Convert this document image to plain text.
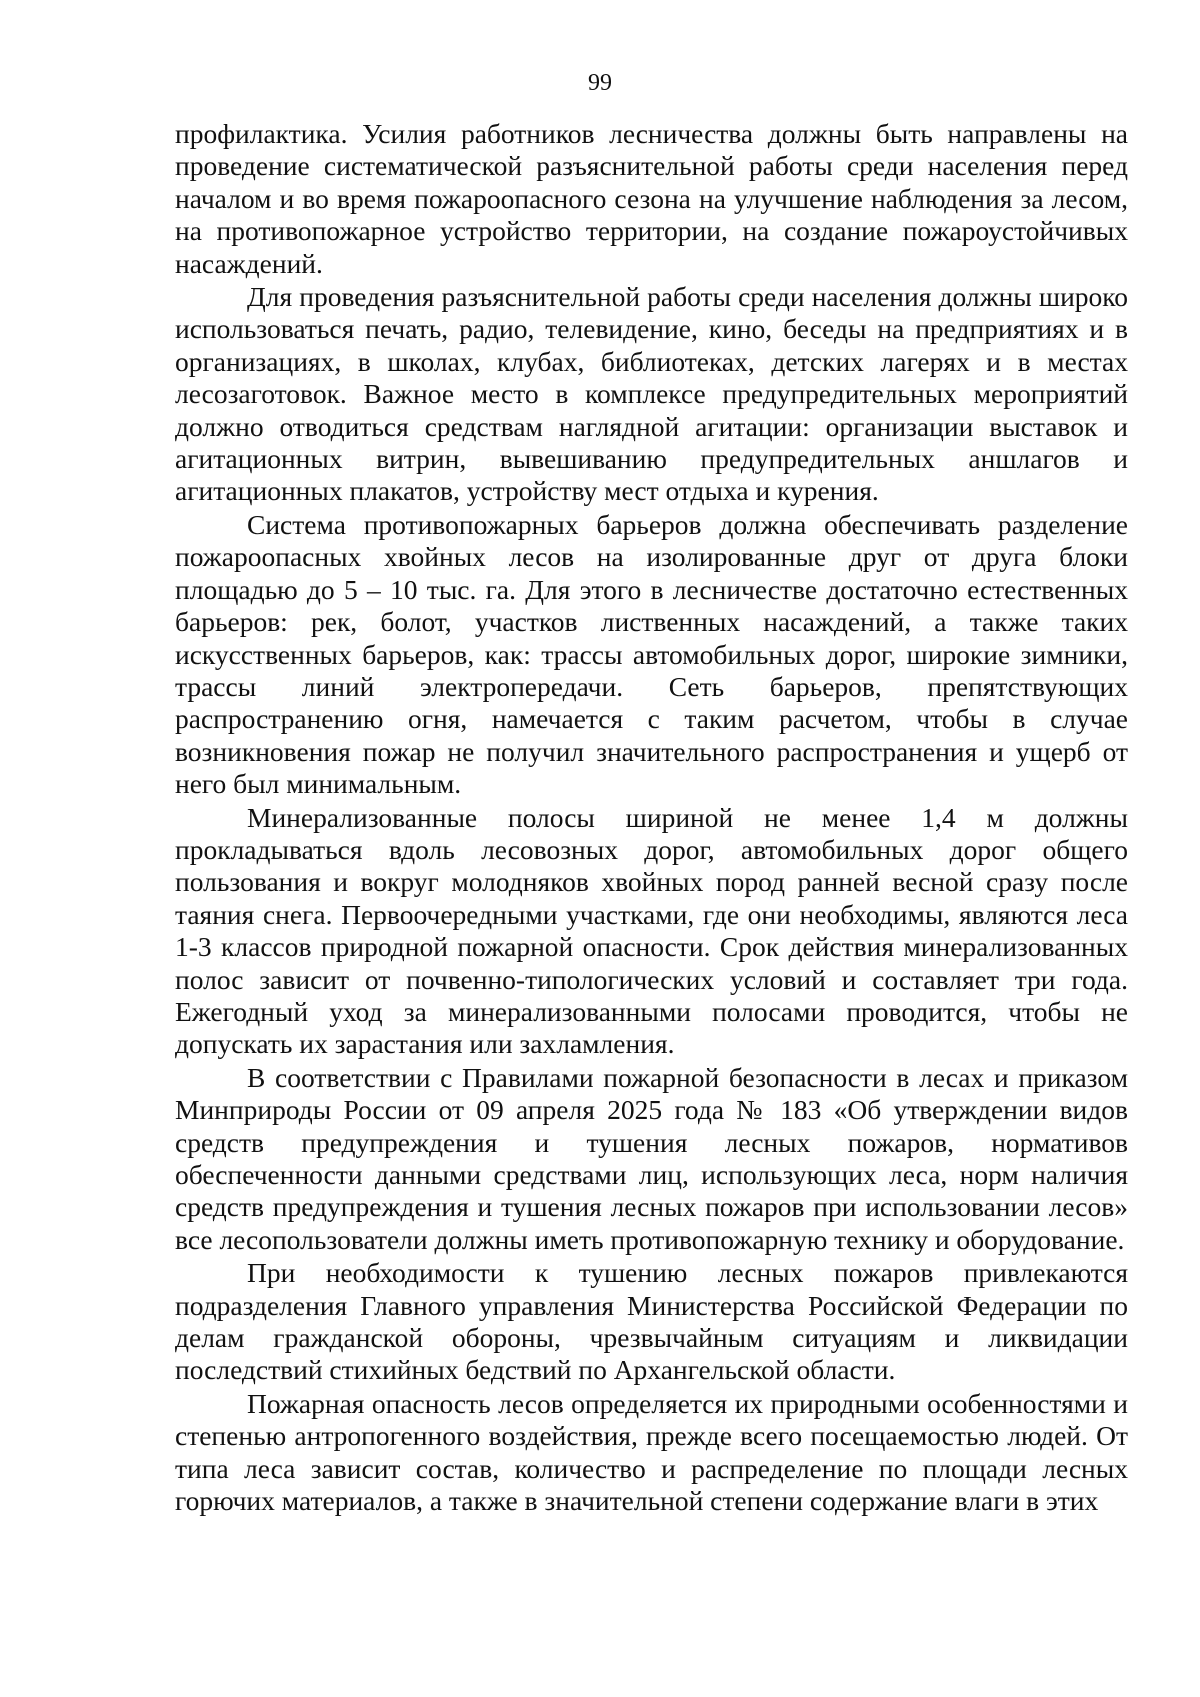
99

профилактика. Усилия работников лесничества должны быть направлены на проведение систематической разъяснительной работы среди населения перед началом и во время пожароопасного сезона на улучшение наблюдения за лесом, на противопожарное устройство территории, на создание пожароустойчивых насаждений.

Для проведения разъяснительной работы среди населения должны широко использоваться печать, радио, телевидение, кино, беседы на предприятиях и в организациях, в школах, клубах, библиотеках, детских лагерях и в местах лесозаготовок. Важное место в комплексе предупредительных мероприятий должно отводиться средствам наглядной агитации: организации выставок и агитационных витрин, вывешиванию предупредительных аншлагов и агитационных плакатов, устройству мест отдыха и курения.

Система противопожарных барьеров должна обеспечивать разделение пожароопасных хвойных лесов на изолированные друг от друга блоки площадью до 5 – 10 тыс. га. Для этого в лесничестве достаточно естественных барьеров: рек, болот, участков лиственных насаждений, а также таких искусственных барьеров, как: трассы автомобильных дорог, широкие зимники, трассы линий электропередачи. Сеть барьеров, препятствующих распространению огня, намечается с таким расчетом, чтобы в случае возникновения пожар не получил значительного распространения и ущерб от него был минимальным.

Минерализованные полосы шириной не менее 1,4 м должны прокладываться вдоль лесовозных дорог, автомобильных дорог общего пользования и вокруг молодняков хвойных пород ранней весной сразу после таяния снега. Первоочередными участками, где они необходимы, являются леса 1-3 классов природной пожарной опасности. Срок действия минерализованных полос зависит от почвенно-типологических условий и составляет три года. Ежегодный уход за минерализованными полосами проводится, чтобы не допускать их зарастания или захламления.

В соответствии с Правилами пожарной безопасности в лесах и приказом Минприроды России от 09 апреля 2025 года № 183 «Об утверждении видов средств предупреждения и тушения лесных пожаров, нормативов обеспеченности данными средствами лиц, использующих леса, норм наличия средств предупреждения и тушения лесных пожаров при использовании лесов» все лесопользователи должны иметь противопожарную технику и оборудование.

При необходимости к тушению лесных пожаров привлекаются подразделения Главного управления Министерства Российской Федерации по делам гражданской обороны, чрезвычайным ситуациям и ликвидации последствий стихийных бедствий по Архангельской области.

Пожарная опасность лесов определяется их природными особенностями и степенью антропогенного воздействия, прежде всего посещаемостью людей. От типа леса зависит состав, количество и распределение по площади лесных горючих материалов, а также в значительной степени содержание влаги в этих
